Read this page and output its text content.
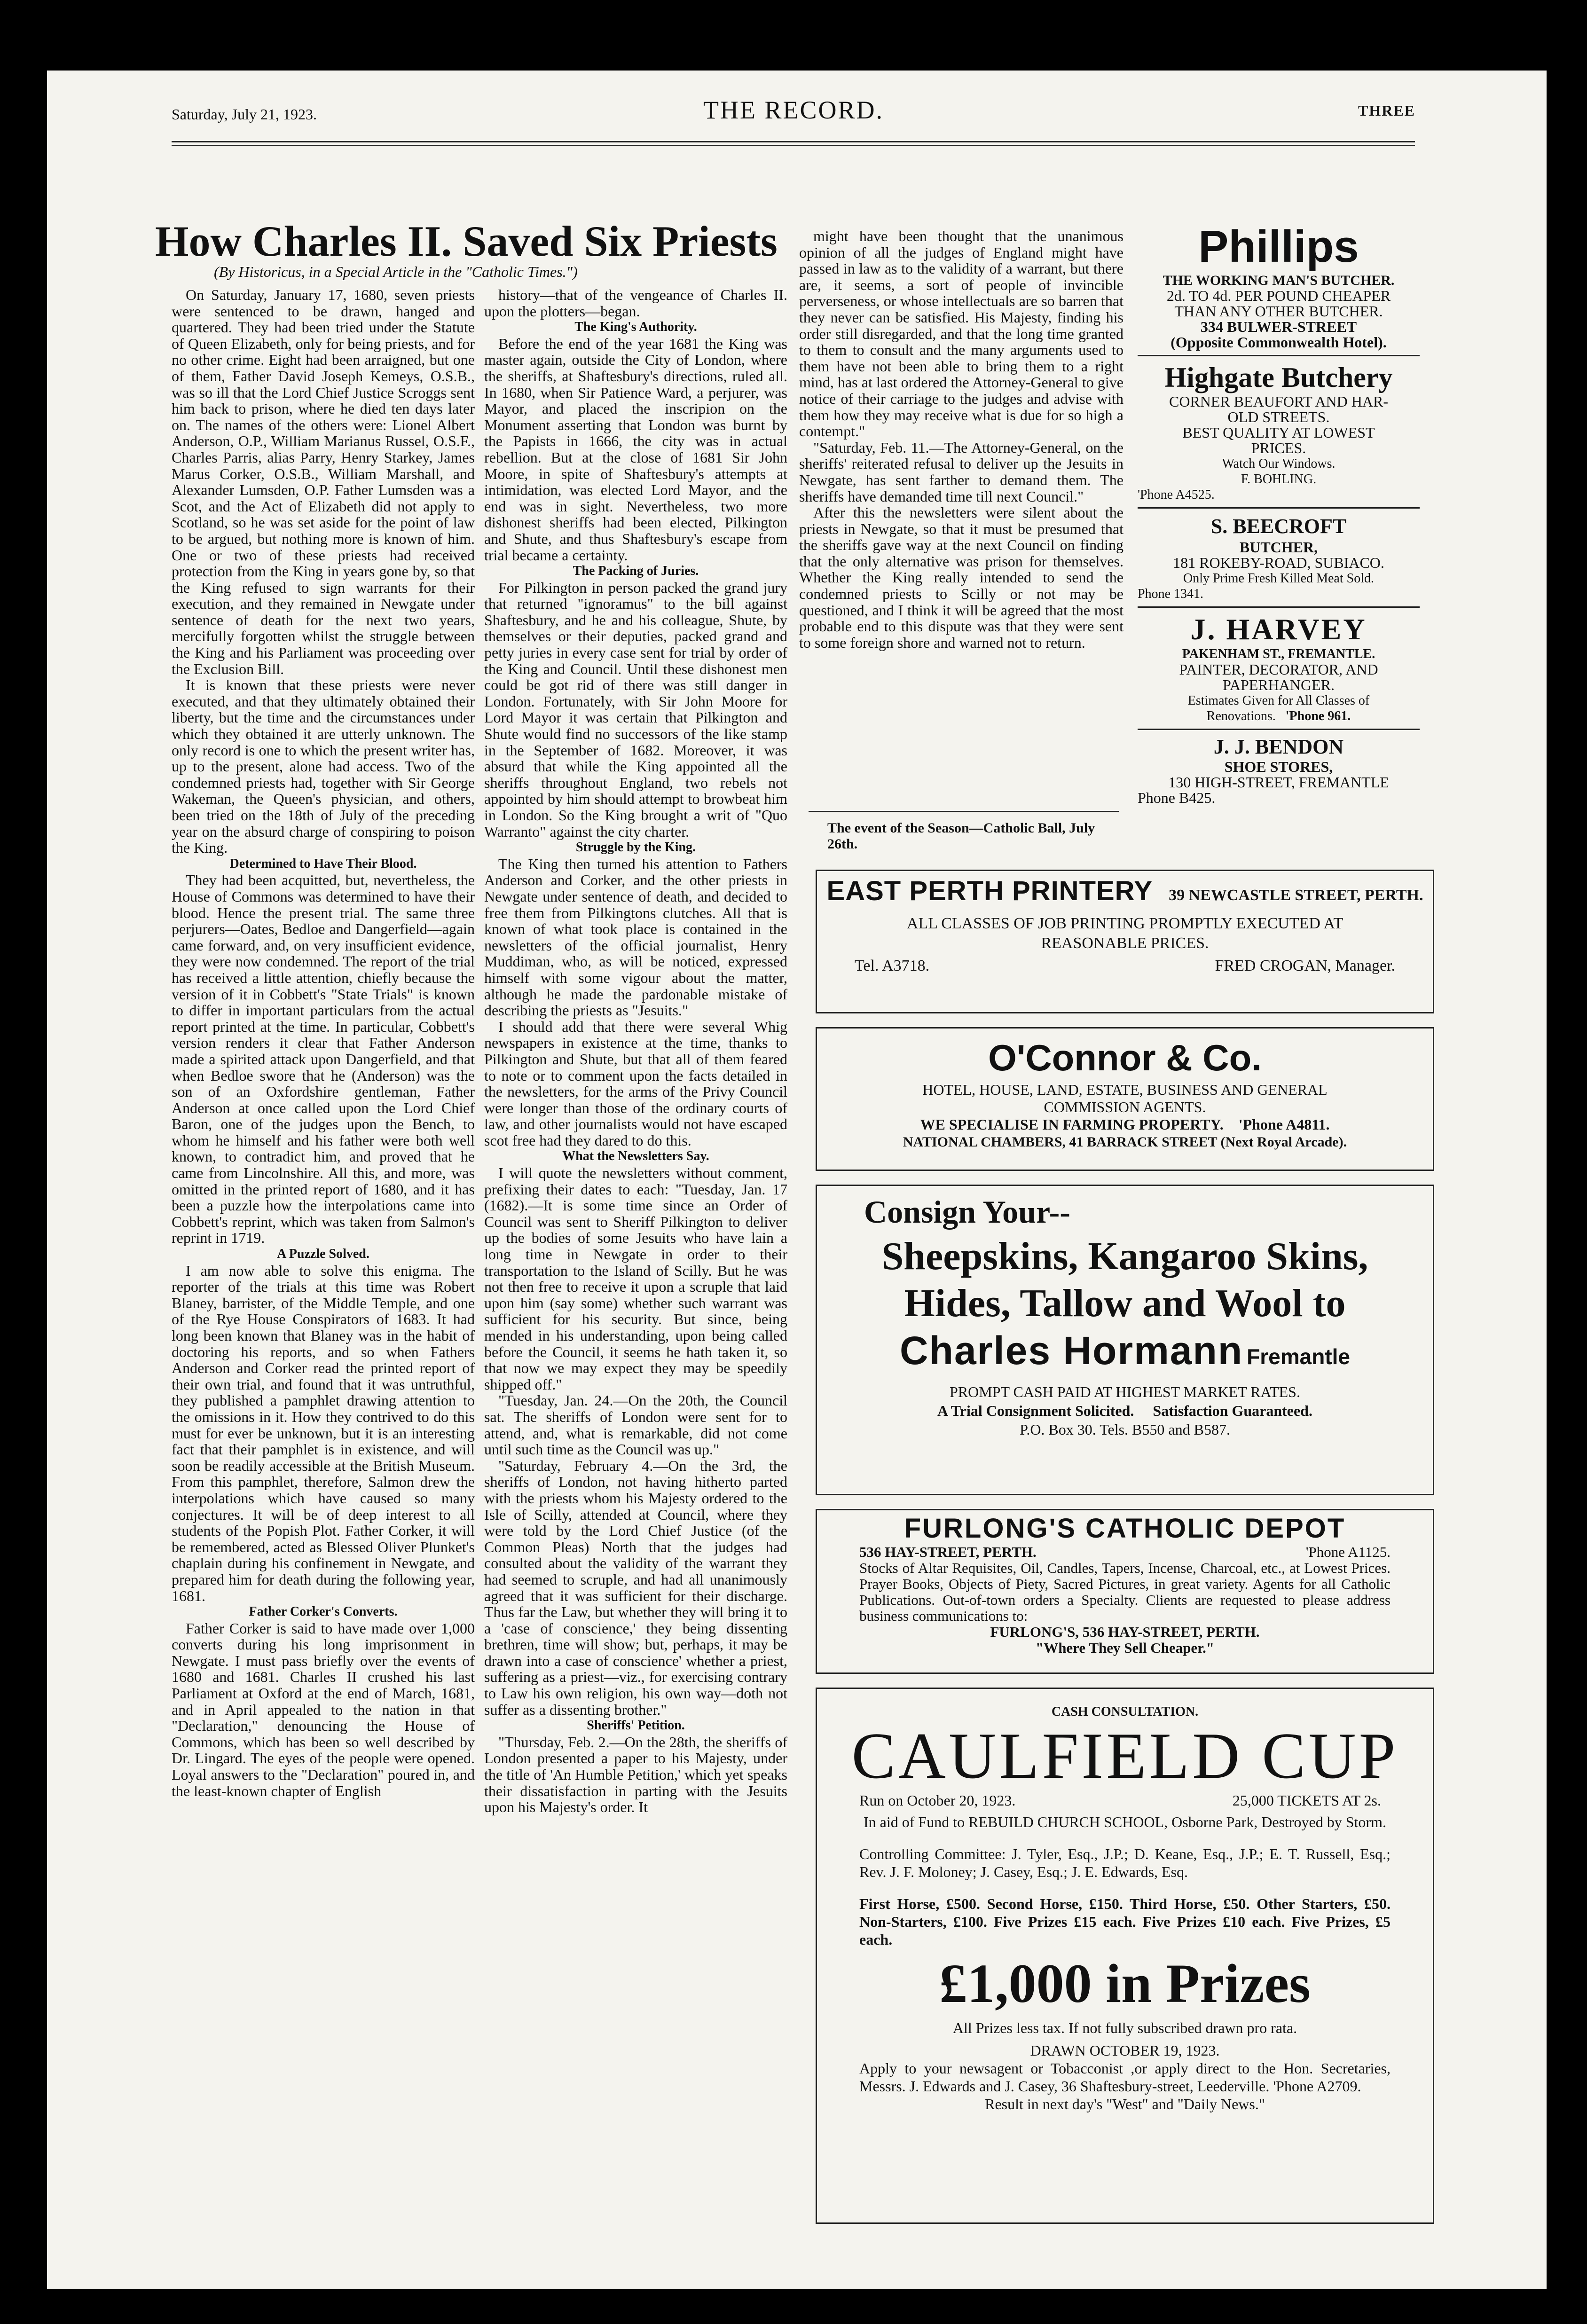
Saturday, July 21, 1923.	THE RECORD.	THREE
How Charles II. Saved Six Priests
(By Historicus, in a Special Article in the "Catholic Times.")

On Saturday, January 17, 1680, seven priests were sentenced to be drawn, hanged and quartered. They had been tried under the Statute of Queen Elizabeth, only for being priests, and for no other crime. Eight had been arraigned, but one of them, Father David Joseph Kemeys, O.S.B., was so ill that the Lord Chief Justice Scroggs sent him back to prison, where he died ten days later on. The names of the others were: Lionel Albert Anderson, O.P., William Marianus Russel, O.S.F., Charles Parris, alias Parry, Henry Starkey, James Marus Corker, O.S.B., William Marshall, and Alexander Lumsden, O.P. Father Lumsden was a Scot, and the Act of Elizabeth did not apply to Scotland, so he was set aside for the point of law to be argued, but nothing more is known of him. One or two of these priests had received protection from the King in years gone by, so that the King refused to sign warrants for their execution, and they remained in Newgate under sentence of death for the next two years, mercifully forgotten whilst the struggle between the King and his Parliament was proceeding over the Exclusion Bill.

It is known that these priests were never executed, and that they ultimately obtained their liberty, but the time and the circumstances under which they obtained it are utterly unknown. The only record is one to which the present writer has, up to the present, alone had access. Two of the condemned priests had, together with Sir George Wakeman, the Queen's physician, and others, been tried on the 18th of July of the preceding year on the absurd charge of conspiring to poison the King.

Determined to Have Their Blood.

They had been acquitted, but, nevertheless, the House of Commons was determined to have their blood. Hence the present trial. The same three perjurers—Oates, Bedloe and Dangerfield—again came forward, and, on very insufficient evidence, they were now condemned. The report of the trial has received a little attention, chiefly because the version of it in Cobbett's "State Trials" is known to differ in important particulars from the actual report printed at the time. In particular, Cobbett's version renders it clear that Father Anderson made a spirited attack upon Dangerfield, and that when Bedloe swore that he (Anderson) was the son of an Oxfordshire gentleman, Father Anderson at once called upon the Lord Chief Baron, one of the judges upon the Bench, to whom he himself and his father were both well known, to contradict him, and proved that he came from Lincolnshire. All this, and more, was omitted in the printed report of 1680, and it has been a puzzle how the interpolations came into Cobbett's reprint, which was taken from Salmon's reprint in 1719.

A Puzzle Solved.

I am now able to solve this enigma. The reporter of the trials at this time was Robert Blaney, barrister, of the Middle Temple, and one of the Rye House Conspirators of 1683. It had long been known that Blaney was in the habit of doctoring his reports, and so when Fathers Anderson and Corker read the printed report of their own trial, and found that it was untruthful, they published a pamphlet drawing attention to the omissions in it. How they contrived to do this must for ever be unknown, but it is an interesting fact that their pamphlet is in existence, and will soon be readily accessible at the British Museum. From this pamphlet, therefore, Salmon drew the interpolations which have caused so many conjectures. It will be of deep interest to all students of the Popish Plot. Father Corker, it will be remembered, acted as Blessed Oliver Plunket's chaplain during his confinement in Newgate, and prepared him for death during the following year, 1681.

Father Corker's Converts.

Father Corker is said to have made over 1,000 converts during his long imprisonment in Newgate. I must pass briefly over the events of 1680 and 1681. Charles II crushed his last Parliament at Oxford at the end of March, 1681, and in April appealed to the nation in that "Declaration," denouncing the House of Commons, which has been so well described by Dr. Lingard. The eyes of the people were opened. Loyal answers to the "Declaration" poured in, and the least-known chapter of English

history—that of the vengeance of Charles II. upon the plotters—began.

The King's Authority.

Before the end of the year 1681 the King was master again, outside the City of London, where the sheriffs, at Shaftesbury's directions, ruled all. In 1680, when Sir Patience Ward, a perjurer, was Mayor, and placed the inscripion on the Monument asserting that London was burnt by the Papists in 1666, the city was in actual rebellion. But at the close of 1681 Sir John Moore, in spite of Shaftesbury's attempts at intimidation, was elected Lord Mayor, and the end was in sight. Nevertheless, two more dishonest sheriffs had been elected, Pilkington and Shute, and thus Shaftesbury's escape from trial became a certainty.

The Packing of Juries.

For Pilkington in person packed the grand jury that returned "ignoramus" to the bill against Shaftesbury, and he and his colleague, Shute, by themselves or their deputies, packed grand and petty juries in every case sent for trial by order of the King and Council. Until these dishonest men could be got rid of there was still danger in London. Fortunately, with Sir John Moore for Lord Mayor it was certain that Pilkington and Shute would find no successors of the like stamp in the September of 1682. Moreover, it was absurd that while the King appointed all the sheriffs throughout England, two rebels not appointed by him should attempt to browbeat him in London. So the King brought a writ of "Quo Warranto" against the city charter.

Struggle by the King.

The King then turned his attention to Fathers Anderson and Corker, and the other priests in Newgate under sentence of death, and decided to free them from Pilkingtons clutches. All that is known of what took place is contained in the newsletters of the official journalist, Henry Muddiman, who, as will be noticed, expressed himself with some vigour about the matter, although he made the pardonable mistake of describing the priests as "Jesuits."

I should add that there were several Whig newspapers in existence at the time, thanks to Pilkington and Shute, but that all of them feared to note or to comment upon the facts detailed in the newsletters, for the arms of the Privy Council were longer than those of the ordinary courts of law, and other journalists would not have escaped scot free had they dared to do this.

What the Newsletters Say.

I will quote the newsletters without comment, prefixing their dates to each: "Tuesday, Jan. 17 (1682).—It is some time since an Order of Council was sent to Sheriff Pilkington to deliver up the bodies of some Jesuits who have lain a long time in Newgate in order to their transportation to the Island of Scilly. But he was not then free to receive it upon a scruple that laid upon him (say some) whether such warrant was sufficient for his security. But since, being mended in his understanding, upon being called before the Council, it seems he hath taken it, so that now we may expect they may be speedily shipped off."

"Tuesday, Jan. 24.—On the 20th, the Council sat. The sheriffs of London were sent for to attend, and, what is remarkable, did not come until such time as the Council was up."

"Saturday, February 4.—On the 3rd, the sheriffs of London, not having hitherto parted with the priests whom his Majesty ordered to the Isle of Scilly, attended at Council, where they were told by the Lord Chief Justice (of the Common Pleas) North that the judges had consulted about the validity of the warrant they had seemed to scruple, and had all unanimously agreed that it was sufficient for their discharge. Thus far the Law, but whether they will bring it to a 'case of conscience,' they being dissenting brethren, time will show; but, perhaps, it may be drawn into a case of conscience' whether a priest, suffering as a priest—viz., for exercising contrary to Law his own religion, his own way—doth not suffer as a dissenting brother."

Sheriffs' Petition.

"Thursday, Feb. 2.—On the 28th, the sheriffs of London presented a paper to his Majesty, under the title of 'An Humble Petition,' which yet speaks their dissatisfaction in parting with the Jesuits upon his Majesty's order. It

might have been thought that the unanimous opinion of all the judges of England might have passed in law as to the validity of a warrant, but there are, it seems, a sort of people of invincible perverseness, or whose intellectuals are so barren that they never can be satisfied. His Majesty, finding his order still disregarded, and that the long time granted to them to consult and the many arguments used to them have not been able to bring them to a right mind, has at last ordered the Attorney-General to give notice of their carriage to the judges and advise with them how they may receive what is due for so high a contempt."

"Saturday, Feb. 11.—The Attorney-General, on the sheriffs' reiterated refusal to deliver up the Jesuits in Newgate, has sent farther to demand them. The sheriffs have demanded time till next Council."

After this the newsletters were silent about the priests in Newgate, so that it must be presumed that the sheriffs gave way at the next Council on finding that the only alternative was prison for themselves. Whether the King really intended to send the condemned priests to Scilly or not may be questioned, and I think it will be agreed that the most probable end to this dispute was that they were sent to some foreign shore and warned not to return.

The event of the Season—Catholic Ball, July 26th.
Phillips
THE WORKING MAN'S BUTCHER.
2d. TO 4d. PER POUND CHEAPER
THAN ANY OTHER BUTCHER.
334 BULWER-STREET
(Opposite Commonwealth Hotel).
Highgate Butchery
CORNER BEAUFORT AND HAR-
OLD STREETS.
BEST QUALITY AT LOWEST
PRICES.
Watch Our Windows.
F. BOHLING.
'Phone A4525.
S. BEECROFT
BUTCHER,
181 ROKEBY-ROAD, SUBIACO.
Only Prime Fresh Killed Meat Sold.
Phone 1341.
J. HARVEY
PAKENHAM ST., FREMANTLE.
PAINTER, DECORATOR, AND
PAPERHANGER.
Estimates Given for All Classes of
Renovations. 'Phone 961.
J. J. BENDON
SHOE STORES,
130 HIGH-STREET, FREMANTLE
Phone B425.
EAST PERTH PRINTERY 39 NEWCASTLE STREET, PERTH.
ALL CLASSES OF JOB PRINTING PROMPTLY EXECUTED AT
REASONABLE PRICES.
Tel. A3718.	FRED CROGAN, Manager.
O'Connor & Co.
HOTEL, HOUSE, LAND, ESTATE, BUSINESS AND GENERAL
COMMISSION AGENTS.
WE SPECIALISE IN FARMING PROPERTY. 'Phone A4811.
NATIONAL CHAMBERS, 41 BARRACK STREET (Next Royal Arcade).
Consign Your--
Sheepskins, Kangaroo Skins,
Hides, Tallow and Wool to
Charles Hormann Fremantle
PROMPT CASH PAID AT HIGHEST MARKET RATES.
A Trial Consignment Solicited. Satisfaction Guaranteed.
P.O. Box 30. Tels. B550 and B587.
FURLONG'S CATHOLIC DEPOT
536 HAY-STREET, PERTH.	'Phone A1125.
Stocks of Altar Requisites, Oil, Candles, Tapers, Incense, Charcoal, etc., at Lowest Prices. Prayer Books, Objects of Piety, Sacred Pictures, in great variety. Agents for all Catholic Publications. Out-of-town orders a Specialty. Clients are requested to please address business communications to:
FURLONG'S, 536 HAY-STREET, PERTH.
"Where They Sell Cheaper."
CASH CONSULTATION.
CAULFIELD CUP
Run on October 20, 1923.	25,000 TICKETS AT 2s.
In aid of Fund to REBUILD CHURCH SCHOOL, Osborne Park, Destroyed by Storm.
Controlling Committee: J. Tyler, Esq., J.P.; D. Keane, Esq., J.P.; E. T. Russell, Esq.; Rev. J. F. Moloney; J. Casey, Esq.; J. E. Edwards, Esq.
First Horse, £500. Second Horse, £150. Third Horse, £50. Other Starters, £50. Non-Starters, £100. Five Prizes £15 each. Five Prizes £10 each. Five Prizes, £5 each.
£1,000 in Prizes
All Prizes less tax. If not fully subscribed drawn pro rata.
DRAWN OCTOBER 19, 1923.
Apply to your newsagent or Tobacconist ,or apply direct to the Hon. Secretaries, Messrs. J. Edwards and J. Casey, 36 Shaftesbury-street, Leederville. 'Phone A2709.
Result in next day's "West" and "Daily News."
